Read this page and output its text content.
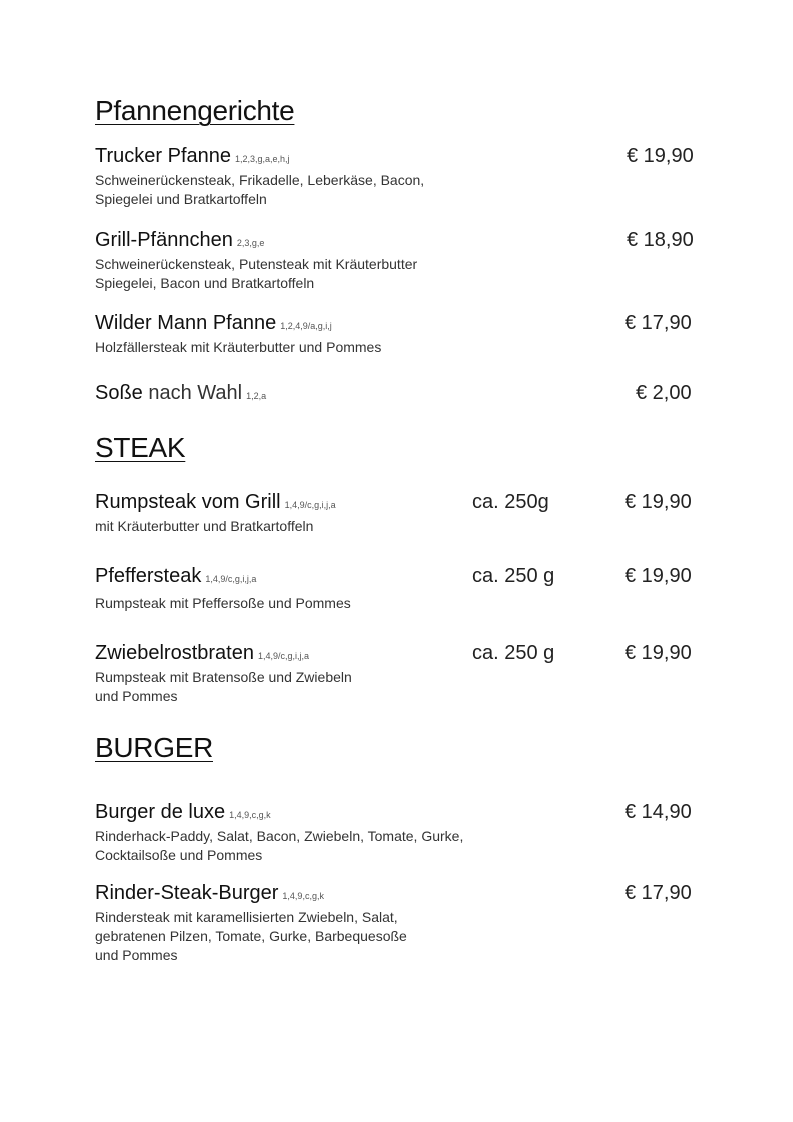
Pfannengerichte
Trucker Pfanne 1,2,3,g,a,e,h,j	€ 19,90
Schweinerückensteak, Frikadelle, Leberkäse, Bacon,
Spiegelei und Bratkartoffeln
Grill-Pfännchen 2,3,g,e	€ 18,90
Schweinerückensteak, Putensteak mit Kräuterbutter
Spiegelei, Bacon und Bratkartoffeln
Wilder Mann Pfanne 1,2,4,9/a,g,i,j	€ 17,90
Holzfällersteak mit Kräuterbutter und Pommes
Soße nach Wahl 1,2,a	€ 2,00
STEAK
Rumpsteak vom Grill 1,4,9/c,g,i,j,a	ca. 250g	€ 19,90
mit Kräuterbutter und Bratkartoffeln
Pfeffersteak 1,4,9/c,g,i,j,a	ca. 250 g	€ 19,90
Rumpsteak mit Pfeffersoße und Pommes
Zwiebelrostbraten 1,4,9/c,g,i,j,a	ca. 250 g	€ 19,90
Rumpsteak mit Bratensoße und Zwiebeln
und Pommes
BURGER
Burger de luxe 1,4,9,c,g,k	€ 14,90
Rinderhack-Paddy, Salat, Bacon, Zwiebeln, Tomate, Gurke,
Cocktailsoße und Pommes
Rinder-Steak-Burger 1,4,9,c,g,k	€ 17,90
Rindersteak mit karamellisierten Zwiebeln, Salat,
gebratenen Pilzen, Tomate, Gurke, Barbequesoße
und Pommes
